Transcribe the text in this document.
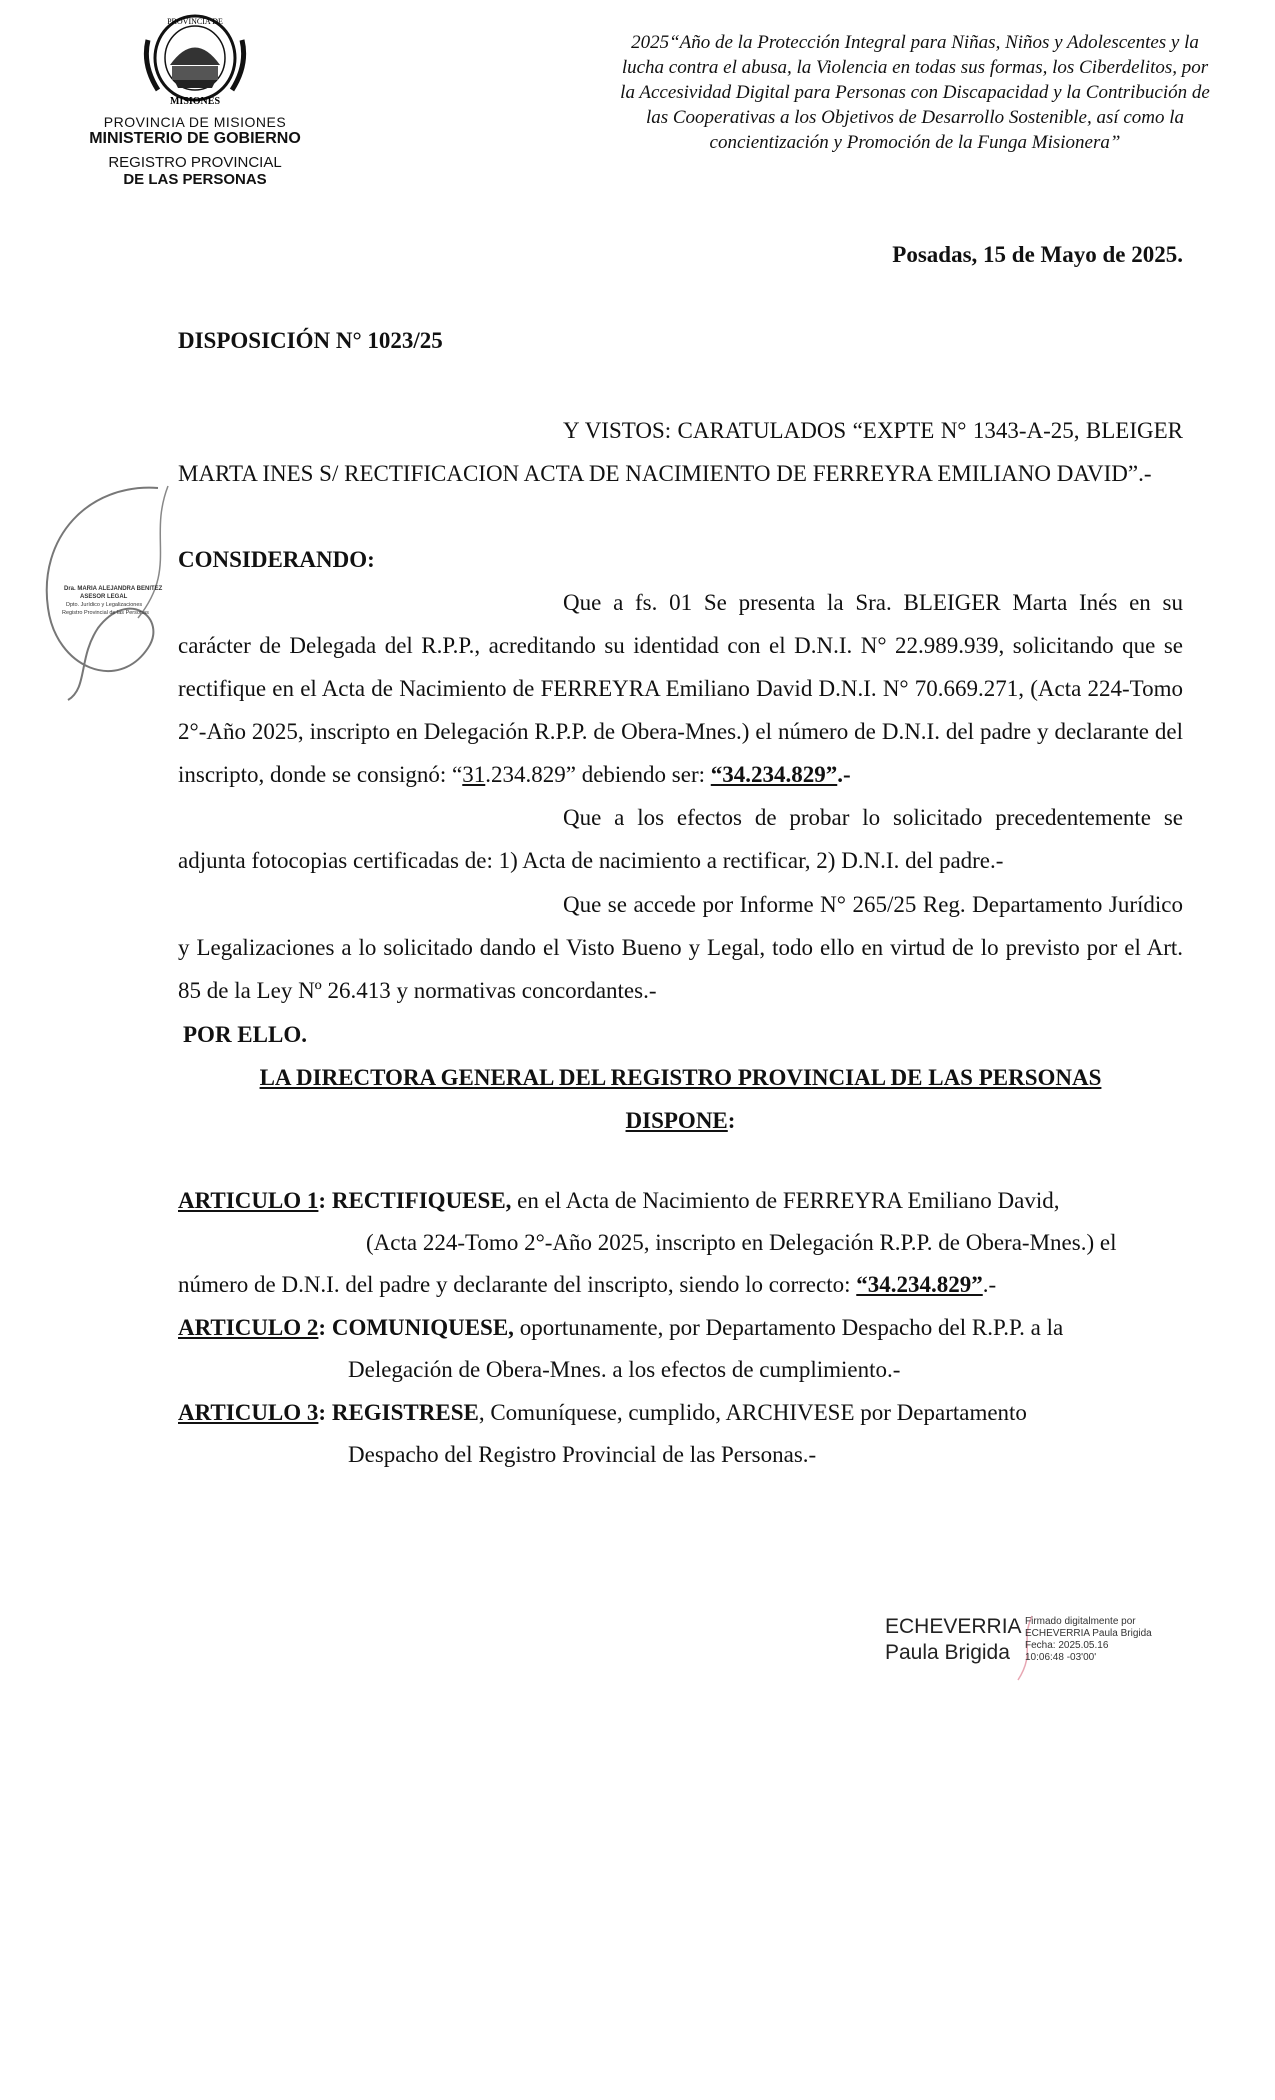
PROVINCIA DE
MISIONES
PROVINCIA DE MISIONES
MINISTERIO DE GOBIERNO
REGISTRO PROVINCIAL
DE LAS PERSONAS
2025“Año de la Protección Integral para Niñas, Niños y Adolescentes y la lucha contra el abusa, la Violencia en todas sus formas, los Ciberdelitos, por la Accesividad Digital para Personas con Discapacidad y la Contribución de las Cooperativas a los Objetivos de Desarrollo Sostenible, así como la concientización y Promoción de la Funga Misionera”
Posadas, 15 de Mayo de 2025.
DISPOSICIÓN N° 1023/25
Y VISTOS: CARATULADOS “EXPTE N° 1343-A-25, BLEIGER MARTA INES S/ RECTIFICACION ACTA DE NACIMIENTO DE FERREYRA EMILIANO DAVID”.-
CONSIDERANDO:
Que a fs. 01 Se presenta la Sra. BLEIGER Marta Inés en su carácter de Delegada del R.P.P., acreditando su identidad con el D.N.I. N° 22.989.939, solicitando que se rectifique en el Acta de Nacimiento de FERREYRA Emiliano David D.N.I. N° 70.669.271, (Acta 224-Tomo 2°-Año 2025, inscripto en Delegación R.P.P. de Obera-Mnes.) el número de D.N.I. del padre y declarante del inscripto, donde se consignó: “31.234.829” debiendo ser: “34.234.829”.-
Que a los efectos de probar lo solicitado precedentemente se adjunta fotocopias certificadas de: 1) Acta de nacimiento a rectificar, 2) D.N.I. del padre.-
Que se accede por Informe N° 265/25 Reg. Departamento Jurídico y Legalizaciones a lo solicitado dando el Visto Bueno y Legal, todo ello en virtud de lo previsto por el Art. 85 de la Ley Nº 26.413 y normativas concordantes.-
POR ELLO.
LA DIRECTORA GENERAL DEL REGISTRO PROVINCIAL DE LAS PERSONAS
DISPONE:
ARTICULO 1: RECTIFIQUESE, en el Acta de Nacimiento de FERREYRA Emiliano David,
(Acta 224-Tomo 2°-Año 2025, inscripto en Delegación R.P.P. de Obera-Mnes.) el
número de D.N.I. del padre y declarante del inscripto, siendo lo correcto: “34.234.829”.-
ARTICULO 2: COMUNIQUESE, oportunamente, por Departamento Despacho del R.P.P. a la
Delegación de Obera-Mnes. a los efectos de cumplimiento.-
ARTICULO 3: REGISTRESE, Comuníquese, cumplido, ARCHIVESE por Departamento
Despacho del Registro Provincial de las Personas.-
Dra. MARIA ALEJANDRA BENITEZ
ASESOR LEGAL
Dpto. Jurídico y Legalizaciones
Registro Provincial de las Personas
ECHEVERRIA
Paula Brigida
Firmado digitalmente por
ECHEVERRIA Paula Brigida
Fecha: 2025.05.16
10:06:48 -03'00'
